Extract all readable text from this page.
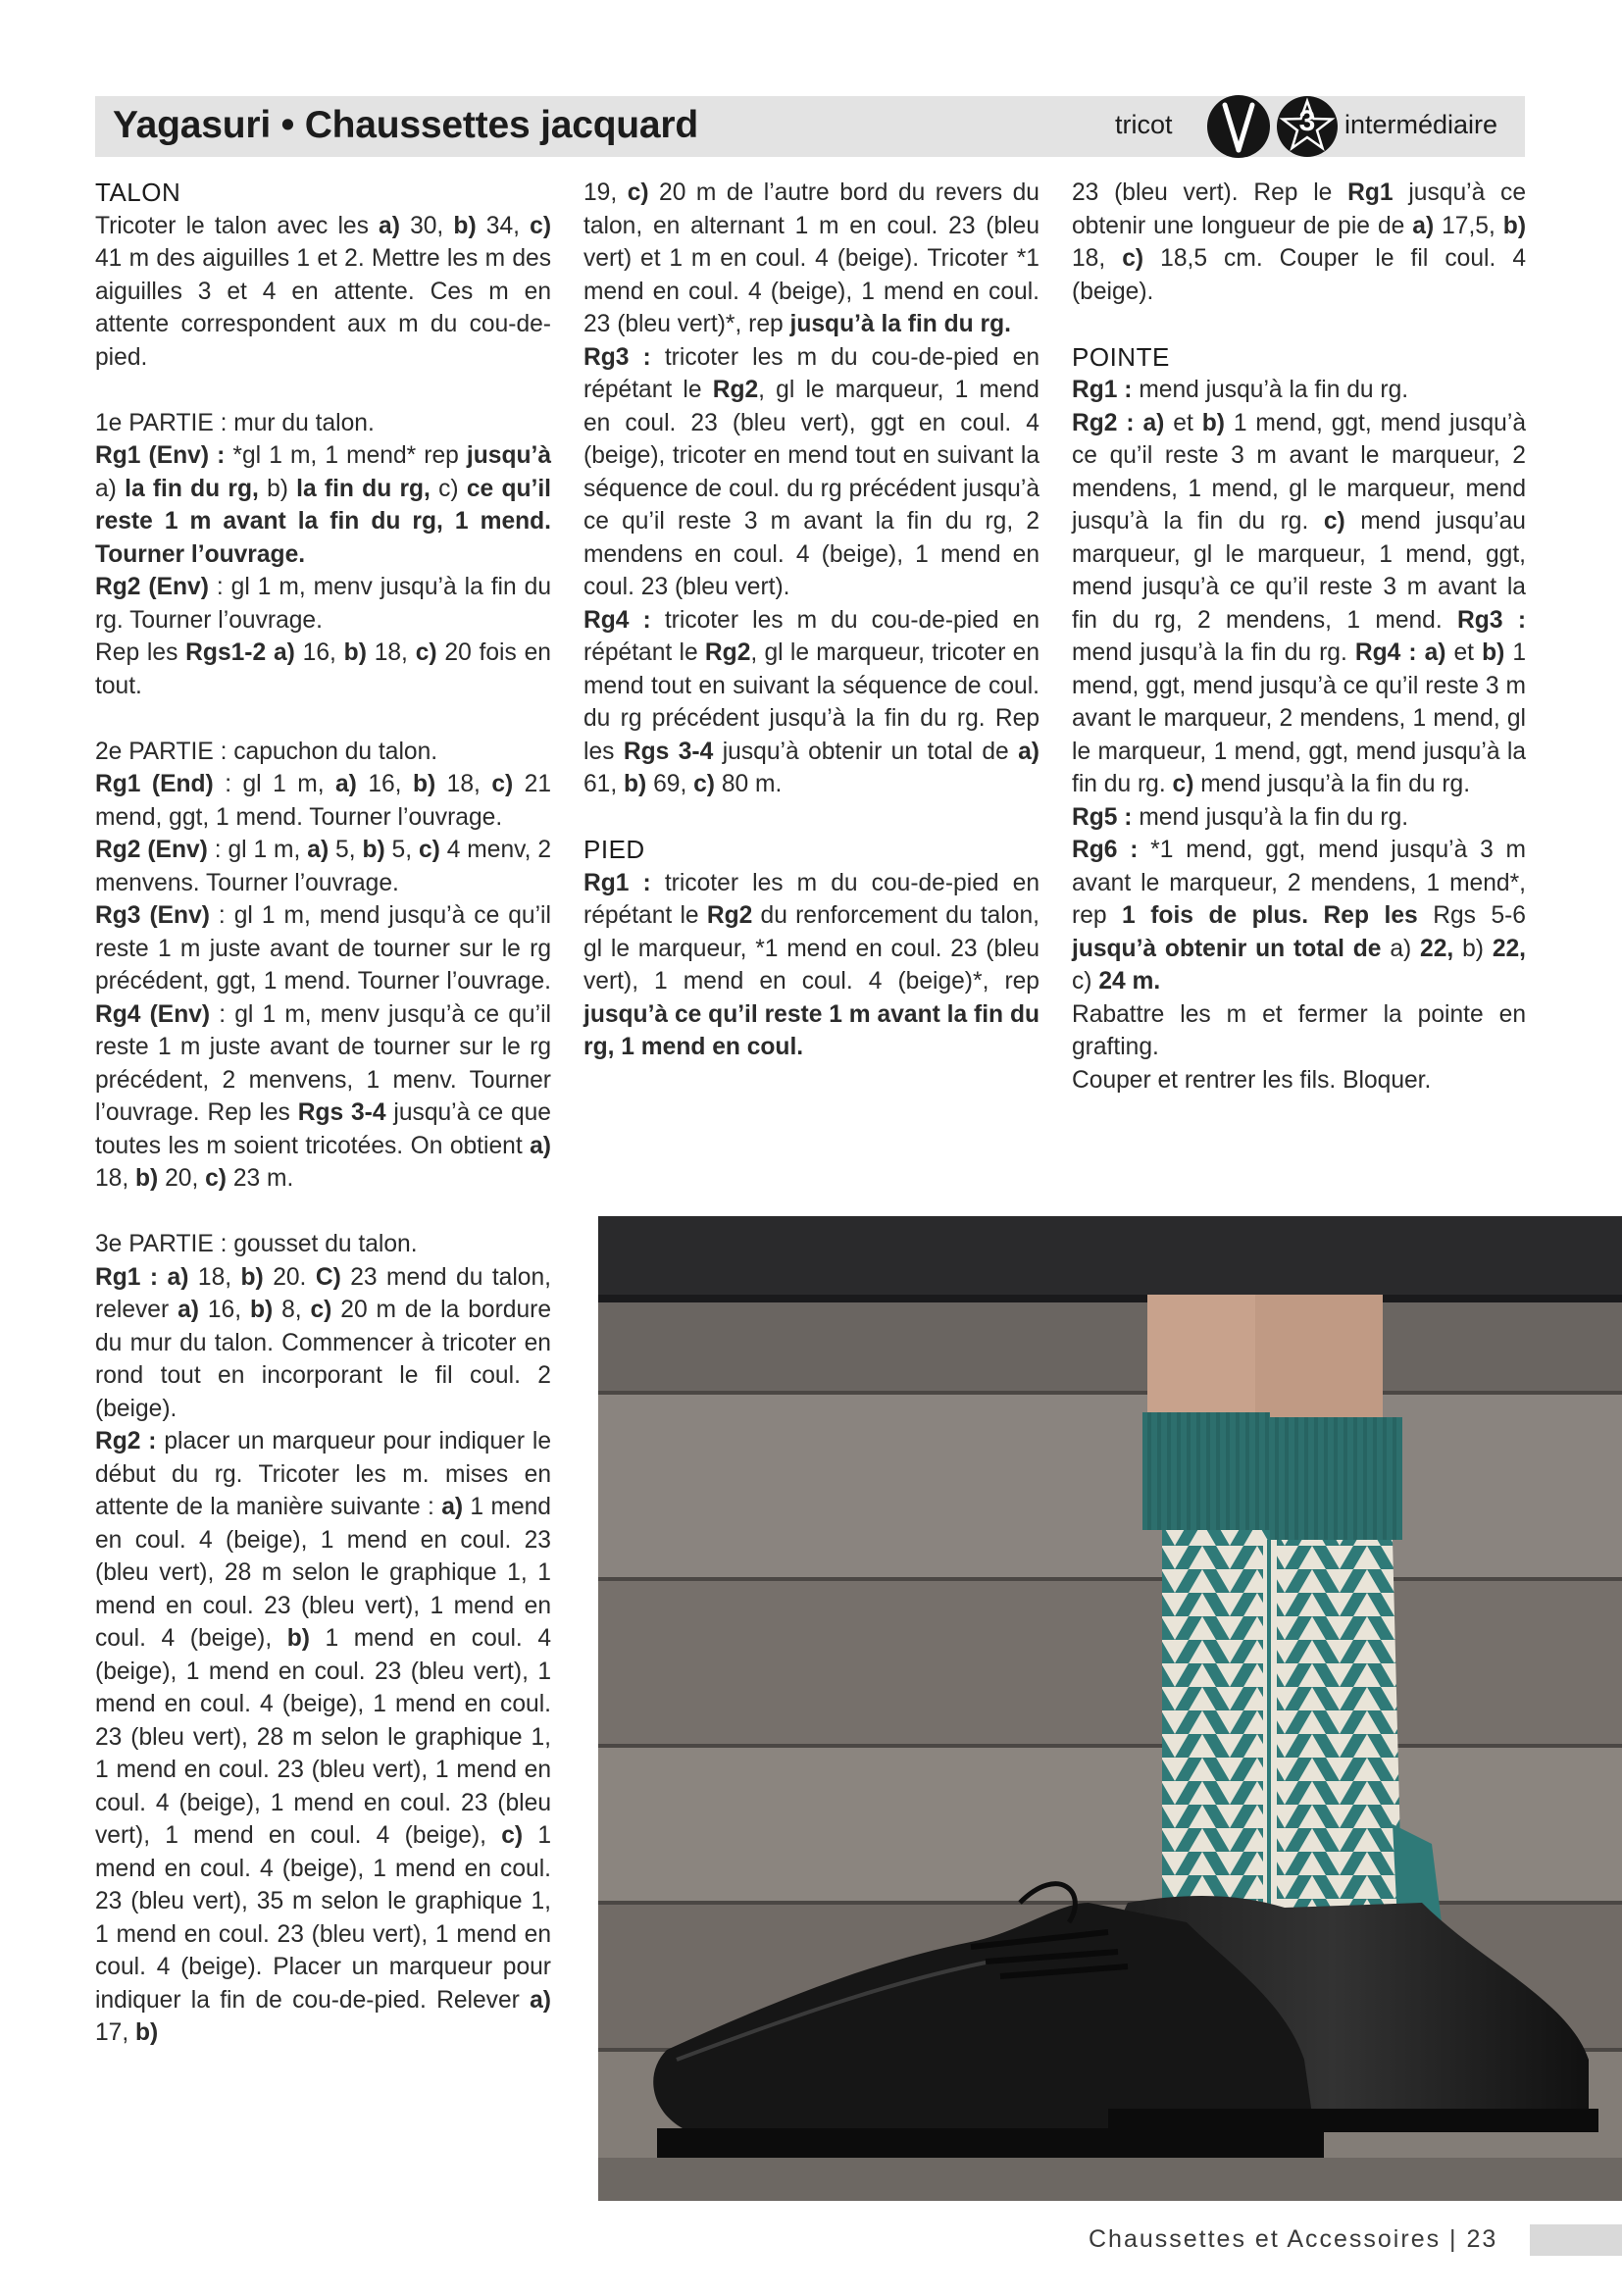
Yagasuri • Chaussettes jacquard	tricot	3	intermédiaire
TALON

Tricoter le talon avec les a) 30, b) 34, c) 41 m des aiguilles 1 et 2. Mettre les m des aiguilles 3 et 4 en attente. Ces m en attente correspondent aux m du cou-de-pied.

1e PARTIE : mur du talon.

Rg1 (Env) : *gl 1 m, 1 mend* rep jusqu’à a) la fin du rg, b) la fin du rg, c) ce qu’il reste 1 m avant la fin du rg, 1 mend. Tourner l’ouvrage.

Rg2 (Env) : gl 1 m, menv jusqu’à la fin du rg. Tourner l’ouvrage.

Rep les Rgs1-2 a) 16, b) 18, c) 20 fois en tout.

2e PARTIE : capuchon du talon.

Rg1 (End) : gl 1 m, a) 16, b) 18, c) 21 mend, ggt, 1 mend. Tourner l’ouvrage.

Rg2 (Env) : gl 1 m, a) 5, b) 5, c) 4 menv, 2 menvens. Tourner l’ouvrage.

Rg3 (Env) : gl 1 m, mend jusqu’à ce qu’il reste 1 m juste avant de tourner sur le rg précédent, ggt, 1 mend. Tourner l’ouvrage. Rg4 (Env) : gl 1 m, menv jusqu’à ce qu’il reste 1 m juste avant de tourner sur le rg précédent, 2 menvens, 1 menv. Tourner l’ouvrage. Rep les Rgs 3-4 jusqu’à ce que toutes les m soient tricotées. On obtient a) 18, b) 20, c) 23 m.

3e PARTIE : gousset du talon.

Rg1 : a) 18, b) 20. C) 23 mend du talon, relever a) 16, b) 8, c) 20 m de la bordure du mur du talon. Commencer à tricoter en rond tout en incorporant le fil coul. 2 (beige).

Rg2 : placer un marqueur pour indiquer le début du rg. Tricoter les m. mises en attente de la manière suivante : a) 1 mend en coul. 4 (beige), 1 mend en coul. 23 (bleu vert), 28 m selon le graphique 1, 1 mend en coul. 23 (bleu vert), 1 mend en coul. 4 (beige), b) 1 mend en coul. 4 (beige), 1 mend en coul. 23 (bleu vert), 1 mend en coul. 4 (beige), 1 mend en coul. 23 (bleu vert), 28 m selon le graphique 1, 1 mend en coul. 23 (bleu vert), 1 mend en coul. 4 (beige), 1 mend en coul. 23 (bleu vert), 1 mend en coul. 4 (beige), c) 1 mend en coul. 4 (beige), 1 mend en coul. 23 (bleu vert), 35 m selon le graphique 1, 1 mend en coul. 23 (bleu vert), 1 mend en coul. 4 (beige). Placer un marqueur pour indiquer la fin de cou-de-pied. Relever a) 17, b)

19, c) 20 m de l’autre bord du revers du talon, en alternant 1 m en coul. 23 (bleu vert) et 1 m en coul. 4 (beige). Tricoter *1 mend en coul. 4 (beige), 1 mend en coul. 23 (bleu vert)*, rep jusqu’à la fin du rg.

Rg3 : tricoter les m du cou-de-pied en répétant le Rg2, gl le marqueur, 1 mend en coul. 23 (bleu vert), ggt en coul. 4 (beige), tricoter en mend tout en suivant la séquence de coul. du rg précédent jusqu’à ce qu’il reste 3 m avant la fin du rg, 2 mendens en coul. 4 (beige), 1 mend en coul. 23 (bleu vert).

Rg4 : tricoter les m du cou-de-pied en répétant le Rg2, gl le marqueur, tricoter en mend tout en suivant la séquence de coul. du rg précédent jusqu’à la fin du rg. Rep les Rgs 3-4 jusqu’à obtenir un total de a) 61, b) 69, c) 80 m.

PIED

Rg1 : tricoter les m du cou-de-pied en répétant le Rg2 du renforcement du talon, gl le marqueur, *1 mend en coul. 23 (bleu vert), 1 mend en coul. 4 (beige)*, rep jusqu’à ce qu’il reste 1 m avant la fin du rg, 1 mend en coul.

23 (bleu vert). Rep le Rg1 jusqu’à ce obtenir une longueur de pie de a) 17,5, b) 18, c) 18,5 cm. Couper le fil coul. 4 (beige).

POINTE

Rg1 : mend jusqu’à la fin du rg.

Rg2 : a) et b) 1 mend, ggt, mend jusqu’à ce qu’il reste 3 m avant le marqueur, 2 mendens, 1 mend, gl le marqueur, mend jusqu’à la fin du rg. c) mend jusqu’au marqueur, gl le marqueur, 1 mend, ggt, mend jusqu’à ce qu’il reste 3 m avant la fin du rg, 2 mendens, 1 mend. Rg3 : mend jusqu’à la fin du rg. Rg4 : a) et b) 1 mend, ggt, mend jusqu’à ce qu’il reste 3 m avant le marqueur, 2 mendens, 1 mend, gl le marqueur, 1 mend, ggt, mend jusqu’à la fin du rg. c) mend jusqu’à la fin du rg.

Rg5 : mend jusqu’à la fin du rg.

Rg6 : *1 mend, ggt, mend jusqu’à 3 m avant le marqueur, 2 mendens, 1 mend*, rep 1 fois de plus. Rep les Rgs 5-6 jusqu’à obtenir un total de a) 22, b) 22, c) 24 m.

Rabattre les m et fermer la pointe en grafting.

Couper et rentrer les fils. Bloquer.

Chaussettes et Accessoires | 23
